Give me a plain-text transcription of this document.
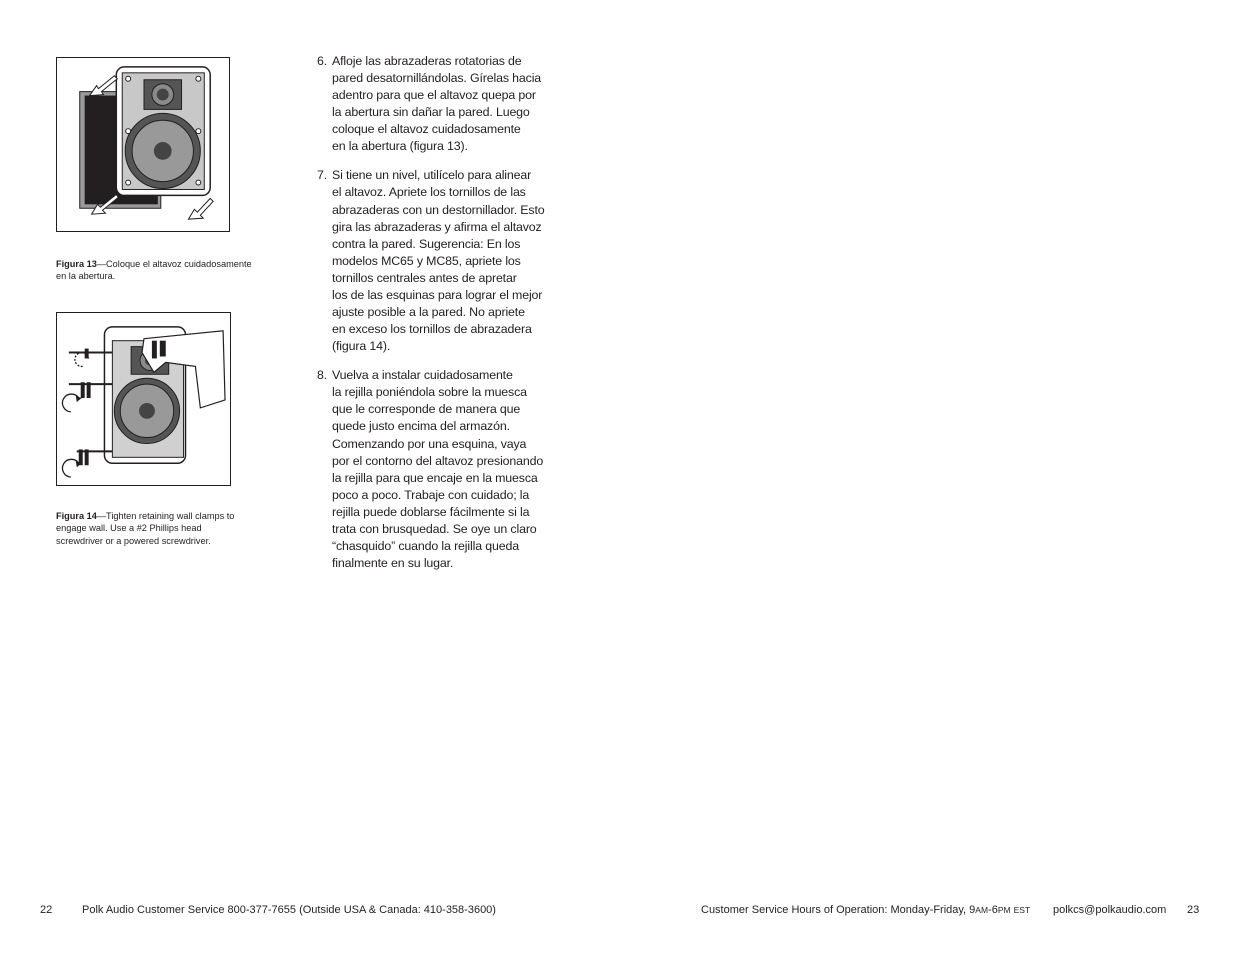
Figura 13—Coloque el altavoz cuidadosamente en la abertura.
Figura 14—Tighten retaining wall clamps to engage wall. Use a #2 Phillips head screwdriver or a powered screwdriver.
6. Afloje las abrazaderas rotatorias de
pared desatornillándolas. Gírelas hacia
adentro para que el altavoz quepa por
la abertura sin dañar la pared. Luego
coloque el altavoz cuidadosamente
en la abertura (figura 13).
7. Si tiene un nivel, utilícelo para alinear
el altavoz. Apriete los tornillos de las
abrazaderas con un destornillador. Esto
gira las abrazaderas y afirma el altavoz
contra la pared. Sugerencia: En los
modelos MC65 y MC85, apriete los
tornillos centrales antes de apretar
los de las esquinas para lograr el mejor
ajuste posible a la pared. No apriete
en exceso los tornillos de abrazadera
(figura 14).
8. Vuelva a instalar cuidadosamente
la rejilla poniéndola sobre la muesca
que le corresponde de manera que
quede justo encima del armazón.
Comenzando por una esquina, vaya
por el contorno del altavoz presionando
la rejilla para que encaje en la muesca
poco a poco. Trabaje con cuidado; la
rejilla puede doblarse fácilmente si la
trata con brusquedad. Se oye un claro
“chasquido” cuando la rejilla queda
finalmente en su lugar.
22	Polk Audio Customer Service 800-377-7655 (Outside USA & Canada: 410-358-3600)	Customer Service Hours of Operation: Monday-Friday, 9AM-6PM EST polkcs@polkaudio.com 23
